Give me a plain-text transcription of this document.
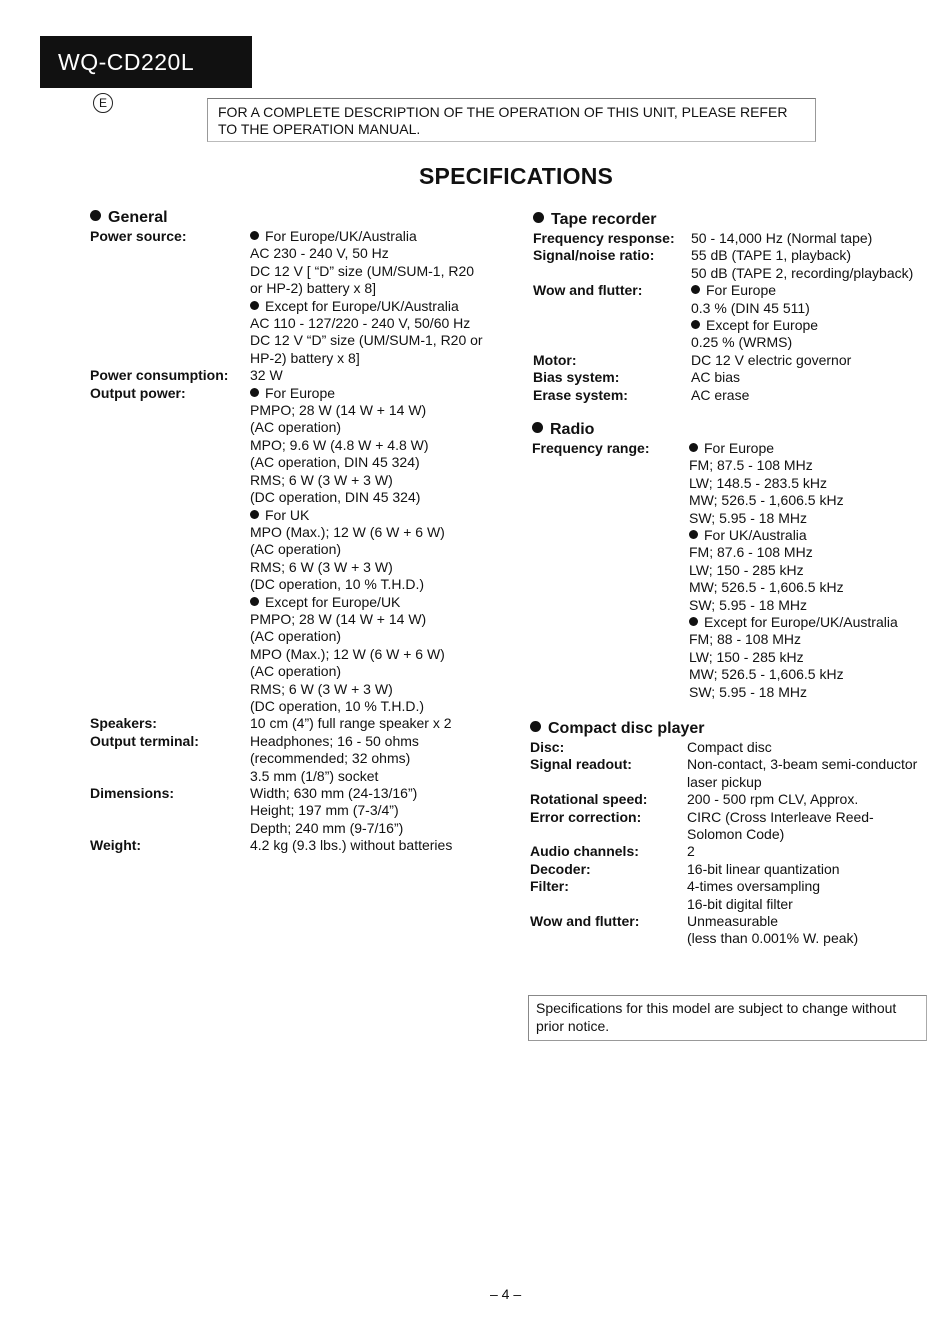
WQ-CD220L
E
FOR A COMPLETE DESCRIPTION OF THE OPERATION OF THIS UNIT, PLEASE REFER TO THE OPERATION MANUAL.
SPECIFICATIONS
General
Power source:	For Europe/UK/Australia
AC 230 - 240 V, 50 Hz
DC 12 V [ “D” size (UM/SUM-1, R20
or HP-2) battery x 8]
Except for Europe/UK/Australia
AC 110 - 127/220 - 240 V, 50/60 Hz
DC 12 V “D” size (UM/SUM-1, R20 or
HP-2) battery x 8]
Power consumption:	32 W
Output power:	For Europe
PMPO; 28 W (14 W + 14 W)
(AC operation)
MPO; 9.6 W (4.8 W + 4.8 W)
(AC operation, DIN 45 324)
RMS; 6 W (3 W + 3 W)
(DC operation, DIN 45 324)
For UK
MPO (Max.); 12 W (6 W + 6 W)
(AC operation)
RMS; 6 W (3 W + 3 W)
(DC operation, 10 % T.H.D.)
Except for Europe/UK
PMPO; 28 W (14 W + 14 W)
(AC operation)
MPO (Max.); 12 W (6 W + 6 W)
(AC operation)
RMS; 6 W (3 W + 3 W)
(DC operation, 10 % T.H.D.)
Speakers:	10 cm (4”) full range speaker x 2
Output terminal:	Headphones; 16 - 50 ohms
(recommended; 32 ohms)
3.5 mm (1/8”) socket
Dimensions:	Width; 630 mm (24-13/16”)
Height; 197 mm (7-3/4”)
Depth; 240 mm (9-7/16”)
Weight:	4.2 kg (9.3 lbs.) without batteries
Tape recorder
Frequency response:	50 - 14,000 Hz (Normal tape)
Signal/noise ratio:	55 dB (TAPE 1, playback)
50 dB (TAPE 2, recording/playback)
Wow and flutter:	For Europe
0.3 % (DIN 45 511)
Except for Europe
0.25 % (WRMS)
Motor:	DC 12 V electric governor
Bias system:	AC bias
Erase system:	AC erase
Radio
Frequency range:	For Europe
FM; 87.5 - 108 MHz
LW; 148.5 - 283.5 kHz
MW; 526.5 - 1,606.5 kHz
SW; 5.95 - 18 MHz
For UK/Australia
FM; 87.6 - 108 MHz
LW; 150 - 285 kHz
MW; 526.5 - 1,606.5 kHz
SW; 5.95 - 18 MHz
Except for Europe/UK/Australia
FM; 88 - 108 MHz
LW; 150 - 285 kHz
MW; 526.5 - 1,606.5 kHz
SW; 5.95 - 18 MHz
Compact disc player
Disc:	Compact disc
Signal readout:	Non-contact, 3-beam semi-conductor
laser pickup
Rotational speed:	200 - 500 rpm CLV, Approx.
Error correction:	CIRC (Cross Interleave Reed-
Solomon Code)
Audio channels:	2
Decoder:	16-bit linear quantization
Filter:	4-times oversampling
16-bit digital filter
Wow and flutter:	Unmeasurable
(less than 0.001% W. peak)
Specifications for this model are subject to change without prior notice.
– 4 –
